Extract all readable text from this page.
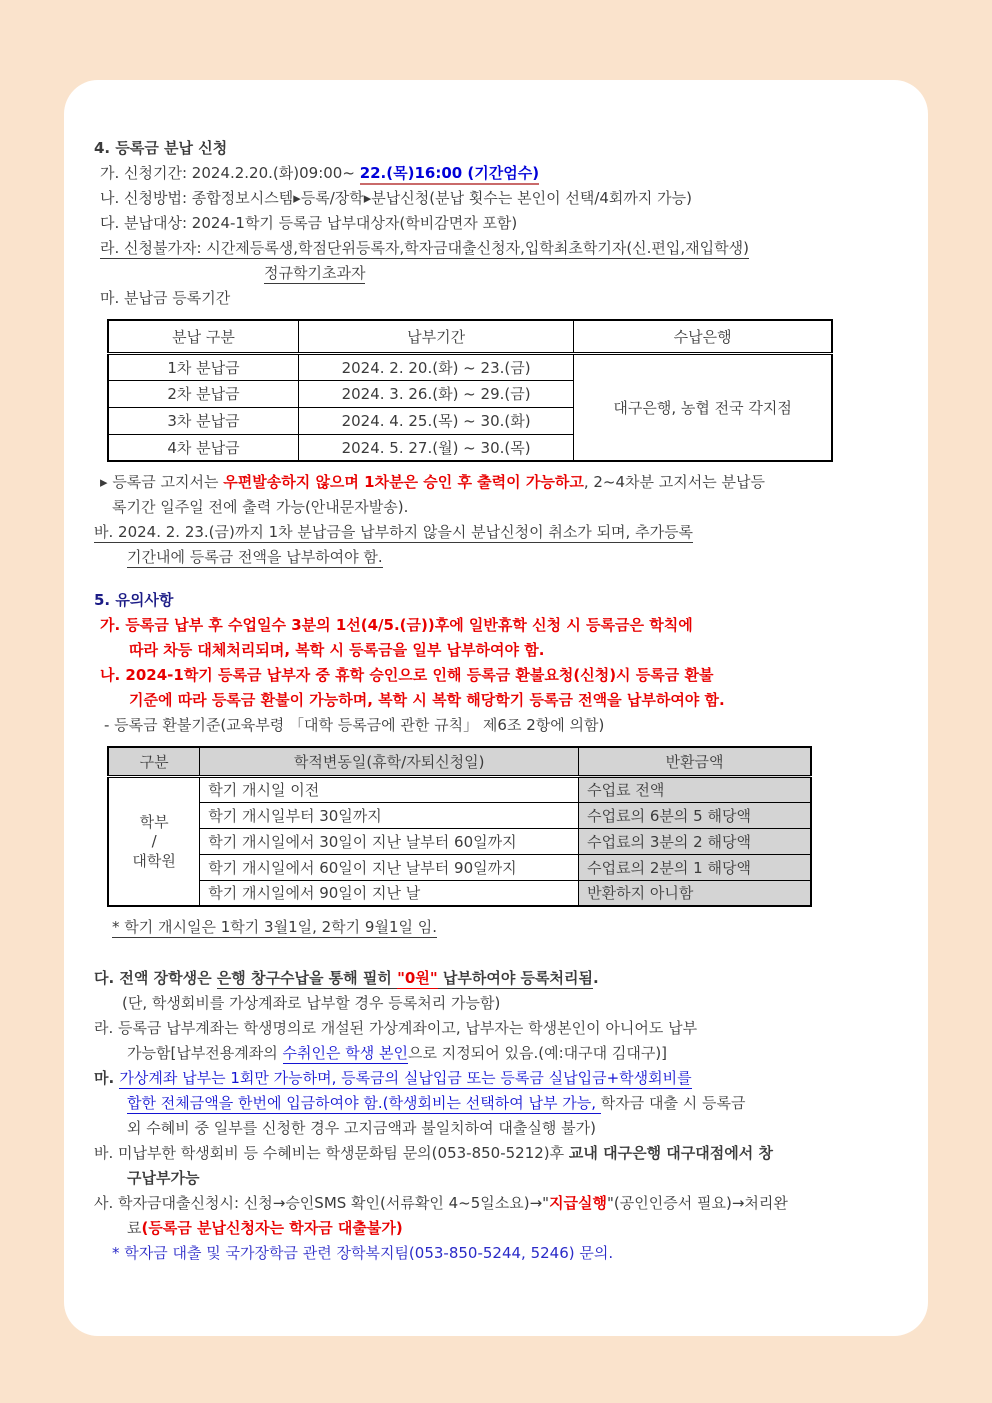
4. 등록금 분납 신청
가. 신청기간: 2024.2.20.(화)09:00~ 22.(목)16:00 (기간엄수)
나. 신청방법: 종합정보시스템▸등록/장학▸분납신청(분납 횟수는 본인이 선택/4회까지 가능)
다. 분납대상: 2024-1학기 등록금 납부대상자(학비감면자 포함)
라. 신청불가자: 시간제등록생,학점단위등록자,학자금대출신청자,입학최초학기자(신.편입,재입학생)
정규학기초과자
마. 분납금 등록기간
분납 구분	납부기간	수납은행
1차 분납금	2024. 2. 20.(화) ~ 23.(금)	대구은행, 농협 전국 각지점
2차 분납금	2024. 3. 26.(화) ~ 29.(금)	
3차 분납금	2024. 4. 25.(목) ~ 30.(화)	
4차 분납금	2024. 5. 27.(월) ~ 30.(목)	
▸ 등록금 고지서는 우편발송하지 않으며 1차분은 승인 후 출력이 가능하고, 2~4차분 고지서는 분납등
록기간 일주일 전에 출력 가능(안내문자발송).
바. 2024. 2. 23.(금)까지 1차 분납금을 납부하지 않을시 분납신청이 취소가 되며, 추가등록
기간내에 등록금 전액을 납부하여야 함.
5. 유의사항
가. 등록금 납부 후 수업일수 3분의 1선(4/5.(금))후에 일반휴학 신청 시 등록금은 학칙에
따라 차등 대체처리되며, 복학 시 등록금을 일부 납부하여야 함.
나. 2024-1학기 등록금 납부자 중 휴학 승인으로 인해 등록금 환불요청(신청)시 등록금 환불
기준에 따라 등록금 환불이 가능하며, 복학 시 복학 해당학기 등록금 전액을 납부하여야 함.
- 등록금 환불기준(교육부령 「대학 등록금에 관한 규칙」 제6조 2항에 의함)
구분	학적변동일(휴학/자퇴신청일)	반환금액

학부
/
대학원	학기 개시일 이전	수업료 전액
	학기 개시일부터 30일까지	수업료의 6분의 5 해당액
	학기 개시일에서 30일이 지난 날부터 60일까지	수업료의 3분의 2 해당액
	학기 개시일에서 60일이 지난 날부터 90일까지	수업료의 2분의 1 해당액
	학기 개시일에서 90일이 지난 날	반환하지 아니함
* 학기 개시일은 1학기 3월1일, 2학기 9월1일 임.
다. 전액 장학생은 은행 창구수납을 통해 필히 "0원" 납부하여야 등록처리됨.
(단, 학생회비를 가상계좌로 납부할 경우 등록처리 가능함)
라. 등록금 납부계좌는 학생명의로 개설된 가상계좌이고, 납부자는 학생본인이 아니어도 납부
가능함[납부전용계좌의 수취인은 학생 본인으로 지정되어 있음.(예:대구대 김대구)]
마. 가상계좌 납부는 1회만 가능하며, 등록금의 실납입금 또는 등록금 실납입금+학생회비를
합한 전체금액을 한번에 입금하여야 함.(학생회비는 선택하여 납부 가능, 학자금 대출 시 등록금
외 수혜비 중 일부를 신청한 경우 고지금액과 불일치하여 대출실행 불가)
바. 미납부한 학생회비 등 수혜비는 학생문화팀 문의(053-850-5212)후 교내 대구은행 대구대점에서 창
구납부가능
사. 학자금대출신청시: 신청→승인SMS 확인(서류확인 4~5일소요)→"지급실행"(공인인증서 필요)→처리완
료(등록금 분납신청자는 학자금 대출불가)
* 학자금 대출 및 국가장학금 관련 장학복지팀(053-850-5244, 5246) 문의.
